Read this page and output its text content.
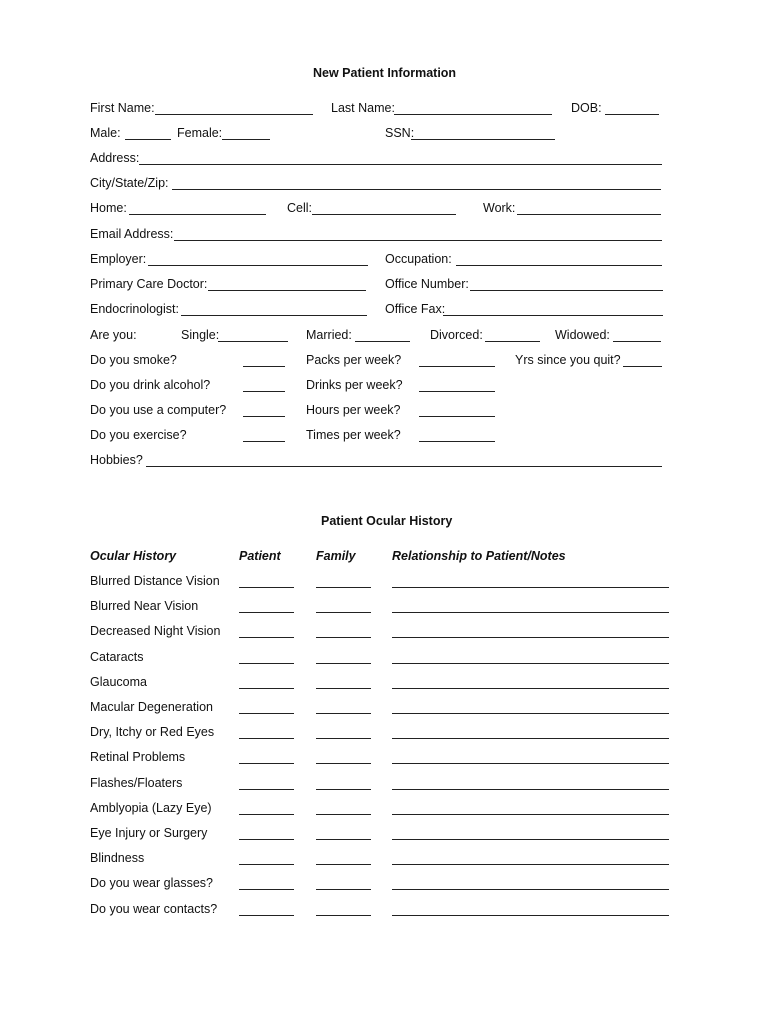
New Patient Information
First Name:	Last Name:	DOB:
Male:	Female:	SSN:
Address:
City/State/Zip:
Home:	Cell:	Work:
Email Address:
Employer:	Occupation:
Primary Care Doctor:	Office Number:
Endocrinologist:	Office Fax:
Are you:	Single:	Married:	Divorced:	Widowed:
Do you smoke?	Packs per week?	Yrs since you quit?
Do you drink alcohol?	Drinks per week?
Do you use a computer?	Hours per week?
Do you exercise?	Times per week?
Hobbies?
Patient Ocular History
Ocular History	Patient	Family	Relationship to Patient/Notes
Blurred Distance Vision
Blurred Near Vision
Decreased Night Vision
Cataracts
Glaucoma
Macular Degeneration
Dry, Itchy or Red Eyes
Retinal Problems
Flashes/Floaters
Amblyopia (Lazy Eye)
Eye Injury or Surgery
Blindness
Do you wear glasses?
Do you wear contacts?
